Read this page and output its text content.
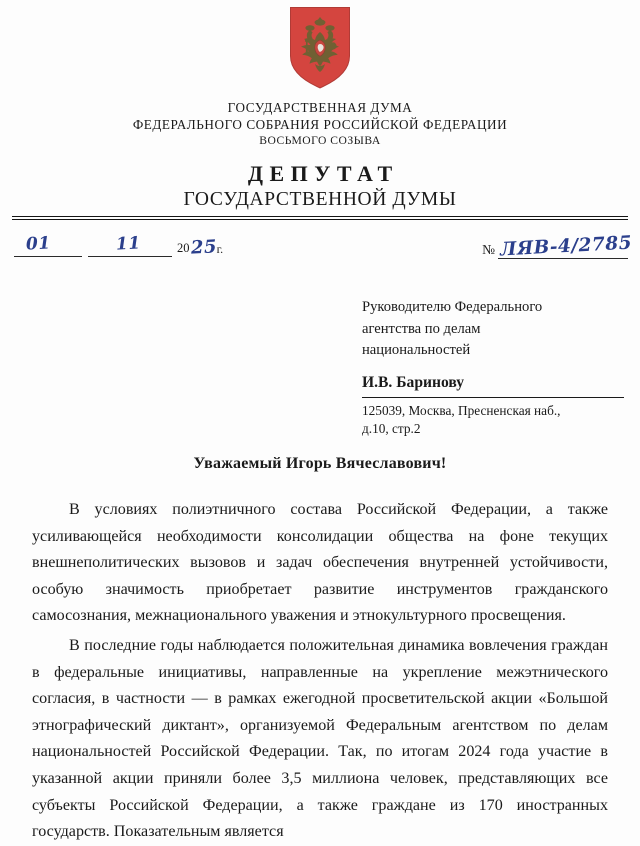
ГОСУДАРСТВЕННАЯ ДУМА
ФЕДЕРАЛЬНОГО СОБРАНИЯ РОССИЙСКОЙ ФЕДЕРАЦИИ
ВОСЬМОГО СОЗЫВА
ДЕПУТАТ
ГОСУДАРСТВЕННОЙ ДУМЫ
01	11	20 25 г.	№ ЛЯВ-4/2785
Руководителю Федерального
агентства по делам
национальностей
И.В. Баринову
125039, Москва, Пресненская наб.,
д.10, стр.2
Уважаемый Игорь Вячеславович!

В условиях полиэтничного состава Российской Федерации, а также усиливающейся необходимости консолидации общества на фоне текущих внешнеполитических вызовов и задач обеспечения внутренней устойчивости, особую значимость приобретает развитие инструментов гражданского самосознания, межнационального уважения и этнокультурного просвещения.

В последние годы наблюдается положительная динамика вовлечения граждан в федеральные инициативы, направленные на укрепление межэтнического согласия, в частности — в рамках ежегодной просветительской акции «Большой этнографический диктант», организуемой Федеральным агентством по делам национальностей Российской Федерации. Так, по итогам 2024 года участие в указанной акции приняли более 3,5 миллиона человек, представляющих все субъекты Российской Федерации, а также граждане из 170 иностранных государств. Показательным является
